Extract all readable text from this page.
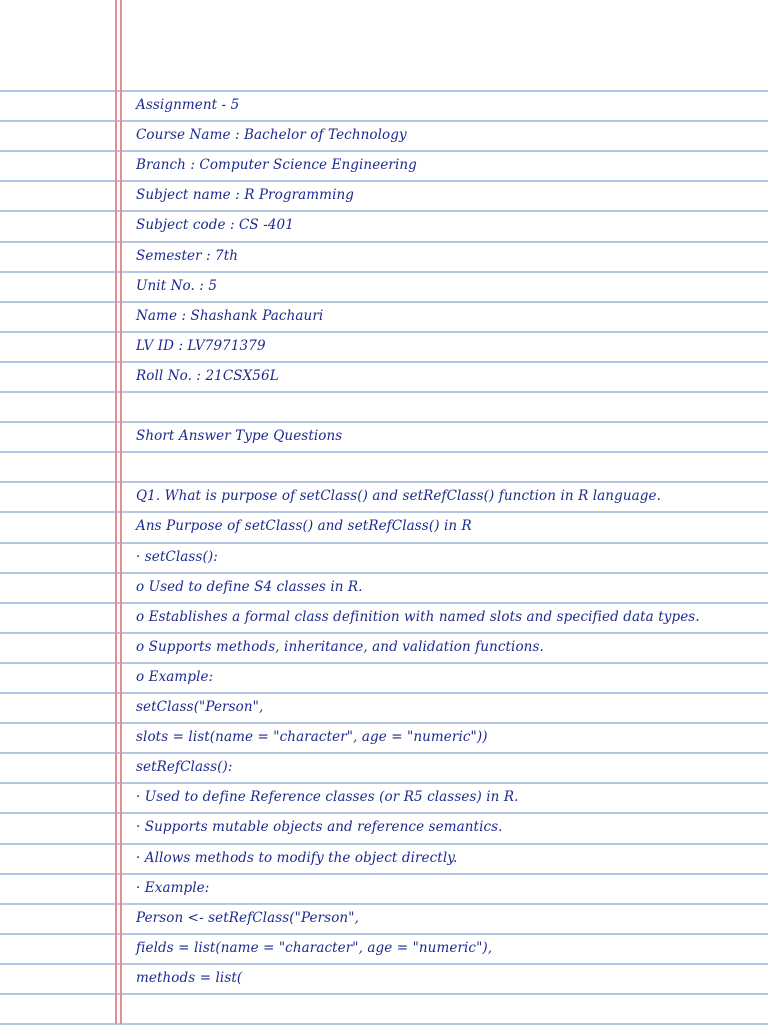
Assignment - 5
Course Name : Bachelor of Technology
Branch : Computer Science Engineering
Subject name : R Programming
Subject code : CS -401
Semester : 7th
Unit No. : 5
Name : Shashank Pachauri
LV ID : LV7971379
Roll No. : 21CSX56L
Short Answer Type Questions
Q1. What is purpose of setClass() and setRefClass() function in R language.
Ans Purpose of setClass() and setRefClass() in R
· setClass():
o Used to define S4 classes in R.
o Establishes a formal class definition with named slots and specified data types.
o Supports methods, inheritance, and validation functions.
o Example:
setClass("Person",
slots = list(name = "character", age = "numeric"))
setRefClass():
· Used to define Reference classes (or R5 classes) in R.
· Supports mutable objects and reference semantics.
· Allows methods to modify the object directly.
· Example:
Person <- setRefClass("Person",
fields = list(name = "character", age = "numeric"),
methods = list(
